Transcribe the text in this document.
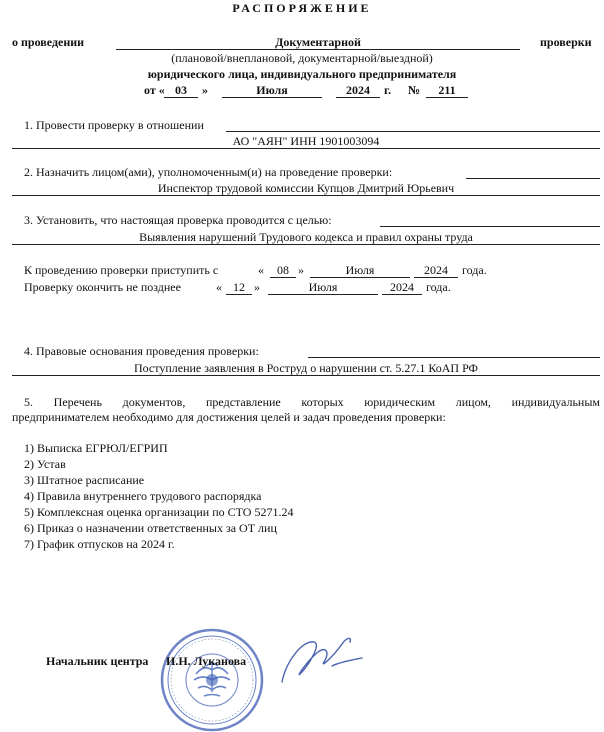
РАСПОРЯЖЕНИЕ
о проведении	Документарной	проверки
(плановой/внеплановой, документарной/выездной)
юридического лица, индивидуального предпринимателя
от « 03	»	Июля	2024	г. №	211
1. Провести проверку в отношении
АО "АЯН" ИНН 1901003094
2. Назначить лицом(ами), уполномоченным(и) на проведение проверки:
Инспектор трудовой комиссии Купцов Дмитрий Юрьевич
3. Установить, что настоящая проверка проводится с целью:
Выявления нарушений Трудового кодекса и правил охраны труда
К проведению проверки приступить с	«	08 »	Июля	2024	года.
Проверку окончить не позднее	« 12 »	Июля	2024	года.
4. Правовые основания проведения проверки:
Поступление заявления в Роструд о нарушении ст. 5.27.1 КоАП РФ
5. Перечень документов, представление которых юридическим лицом, индивидуальным
предпринимателем необходимо для достижения целей и задач проведения проверки:
1) Выписка ЕГРЮЛ/ЕГРИП
2) Устав
3) Штатное расписание
4) Правила внутреннего трудового распорядка
5) Комплексная оценка организации по СТО 5271.24
6) Приказ о назначении ответственных за ОТ лиц
7) График отпусков на 2024 г.
Начальник центра И.Н. Луканова
